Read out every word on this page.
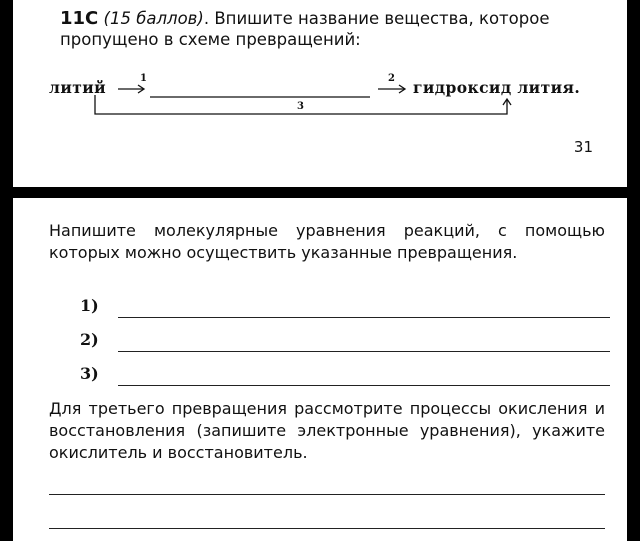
11C (15 баллов). Впишите название вещества, которое пропущено в схеме превращений:
литий	1	2 гидроксид лития.
3
31
Напишите молекулярные уравнения реакций, с помощью которых можно осуществить указанные превращения.
1)
2)
3)
Для третьего превращения рассмотрите процессы окисления и восстановления (запишите электронные уравнения), укажите окислитель и восстановитель.
